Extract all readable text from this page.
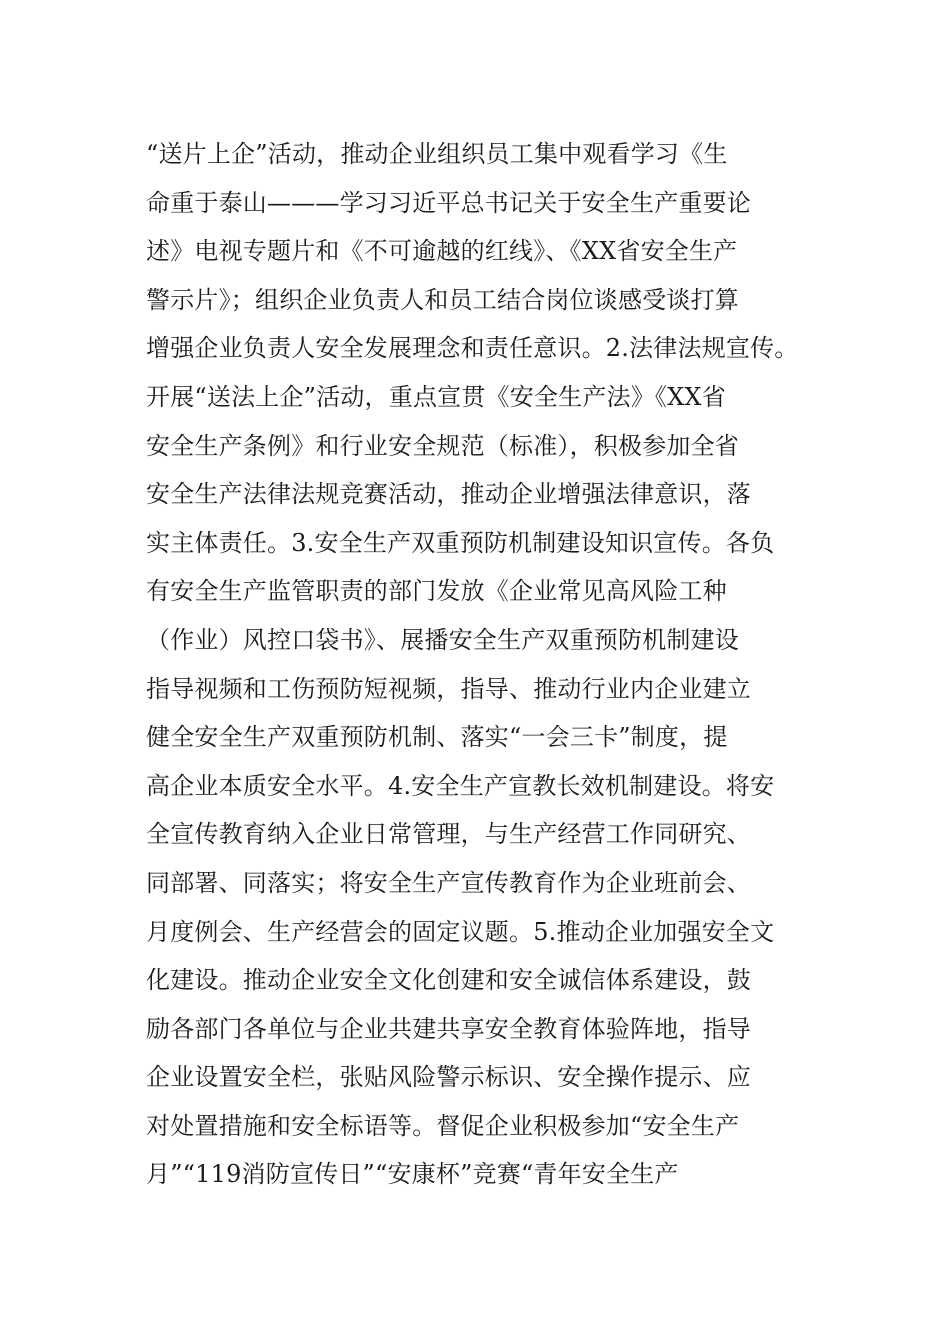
“送片上企”活动，推动企业组织员工集中观看学习《生
命重于泰山———学习习近平总书记关于安全生产重要论
述》电视专题片和《不可逾越的红线》、《XX省安全生产
警示片》；组织企业负责人和员工结合岗位谈感受谈打算
增强企业负责人安全发展理念和责任意识。2.法律法规宣传。
开展“送法上企”活动，重点宣贯《安全生产法》《XX省
安全生产条例》和行业安全规范（标准），积极参加全省
安全生产法律法规竞赛活动，推动企业增强法律意识，落
实主体责任。3.安全生产双重预防机制建设知识宣传。各负
有安全生产监管职责的部门发放《企业常见高风险工种
（作业）风控口袋书》、展播安全生产双重预防机制建设
指导视频和工伤预防短视频，指导、推动行业内企业建立
健全安全生产双重预防机制、落实“一会三卡”制度，提
高企业本质安全水平。4.安全生产宣教长效机制建设。将安
全宣传教育纳入企业日常管理，与生产经营工作同研究、
同部署、同落实；将安全生产宣传教育作为企业班前会、
月度例会、生产经营会的固定议题。5.推动企业加强安全文
化建设。推动企业安全文化创建和安全诚信体系建设，鼓
励各部门各单位与企业共建共享安全教育体验阵地，指导
企业设置安全栏，张贴风险警示标识、安全操作提示、应
对处置措施和安全标语等。督促企业积极参加“安全生产
月”“119消防宣传日”“安康杯”竞赛“青年安全生产
